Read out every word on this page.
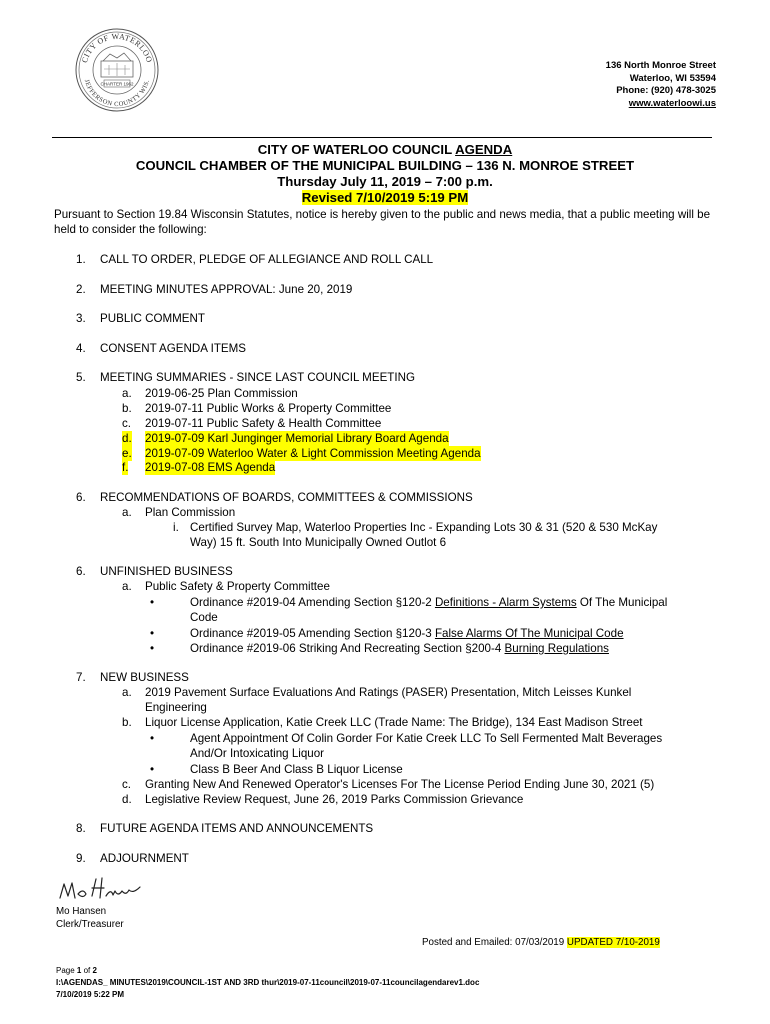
CITY OF WATERLOO
JEFFERSON COUNTY WIS.
CHARTER 1962
136 North Monroe Street
Waterloo, WI 53594
Phone: (920) 478-3025
www.waterloowi.us
CITY OF WATERLOO COUNCIL AGENDA
COUNCIL CHAMBER OF THE MUNICIPAL BUILDING – 136 N. MONROE STREET
Thursday July 11, 2019 – 7:00 p.m.
Revised 7/10/2019 5:19 PM
Pursuant to Section 19.84 Wisconsin Statutes, notice is hereby given to the public and news media, that a public meeting will be held to consider the following:
1. CALL TO ORDER, PLEDGE OF ALLEGIANCE AND ROLL CALL
2. MEETING MINUTES APPROVAL: June 20, 2019
3. PUBLIC COMMENT
4. CONSENT AGENDA ITEMS
5. MEETING SUMMARIES - SINCE LAST COUNCIL MEETING
a. 2019-06-25 Plan Commission
b. 2019-07-11 Public Works & Property Committee
c. 2019-07-11 Public Safety & Health Committee
d. 2019-07-09 Karl Junginger Memorial Library Board Agenda
e. 2019-07-09 Waterloo Water & Light Commission Meeting Agenda
f. 2019-07-08 EMS Agenda
6. RECOMMENDATIONS OF BOARDS, COMMITTEES & COMMISSIONS
a. Plan Commission
i. Certified Survey Map, Waterloo Properties Inc - Expanding Lots 30 & 31 (520 & 530 McKay
Way) 15 ft. South Into Municipally Owned Outlot 6
6. UNFINISHED BUSINESS
a. Public Safety & Property Committee
•	Ordinance #2019-04 Amending Section §120-2 Definitions - Alarm Systems Of The Municipal
Code
•	Ordinance #2019-05 Amending Section §120-3 False Alarms Of The Municipal Code
•	Ordinance #2019-06 Striking And Recreating Section §200-4 Burning Regulations
7. NEW BUSINESS
a. 2019 Pavement Surface Evaluations And Ratings (PASER) Presentation, Mitch Leisses Kunkel
Engineering
b. Liquor License Application, Katie Creek LLC (Trade Name: The Bridge), 134 East Madison Street
•	Agent Appointment Of Colin Gorder For Katie Creek LLC To Sell Fermented Malt Beverages
And/Or Intoxicating Liquor
•	Class B Beer And Class B Liquor License
c. Granting New And Renewed Operator's Licenses For The License Period Ending June 30, 2021 (5)
d. Legislative Review Request, June 26, 2019 Parks Commission Grievance
8. FUTURE AGENDA ITEMS AND ANNOUNCEMENTS
9. ADJOURNMENT
Mo Hansen
Clerk/Treasurer
Posted and Emailed: 07/03/2019 UPDATED 7/10-2019
Page 1 of 2
I:\AGENDAS_ MINUTES\2019\COUNCIL-1ST AND 3RD thur\2019-07-11council\2019-07-11councilagendarev1.doc
7/10/2019 5:22 PM
